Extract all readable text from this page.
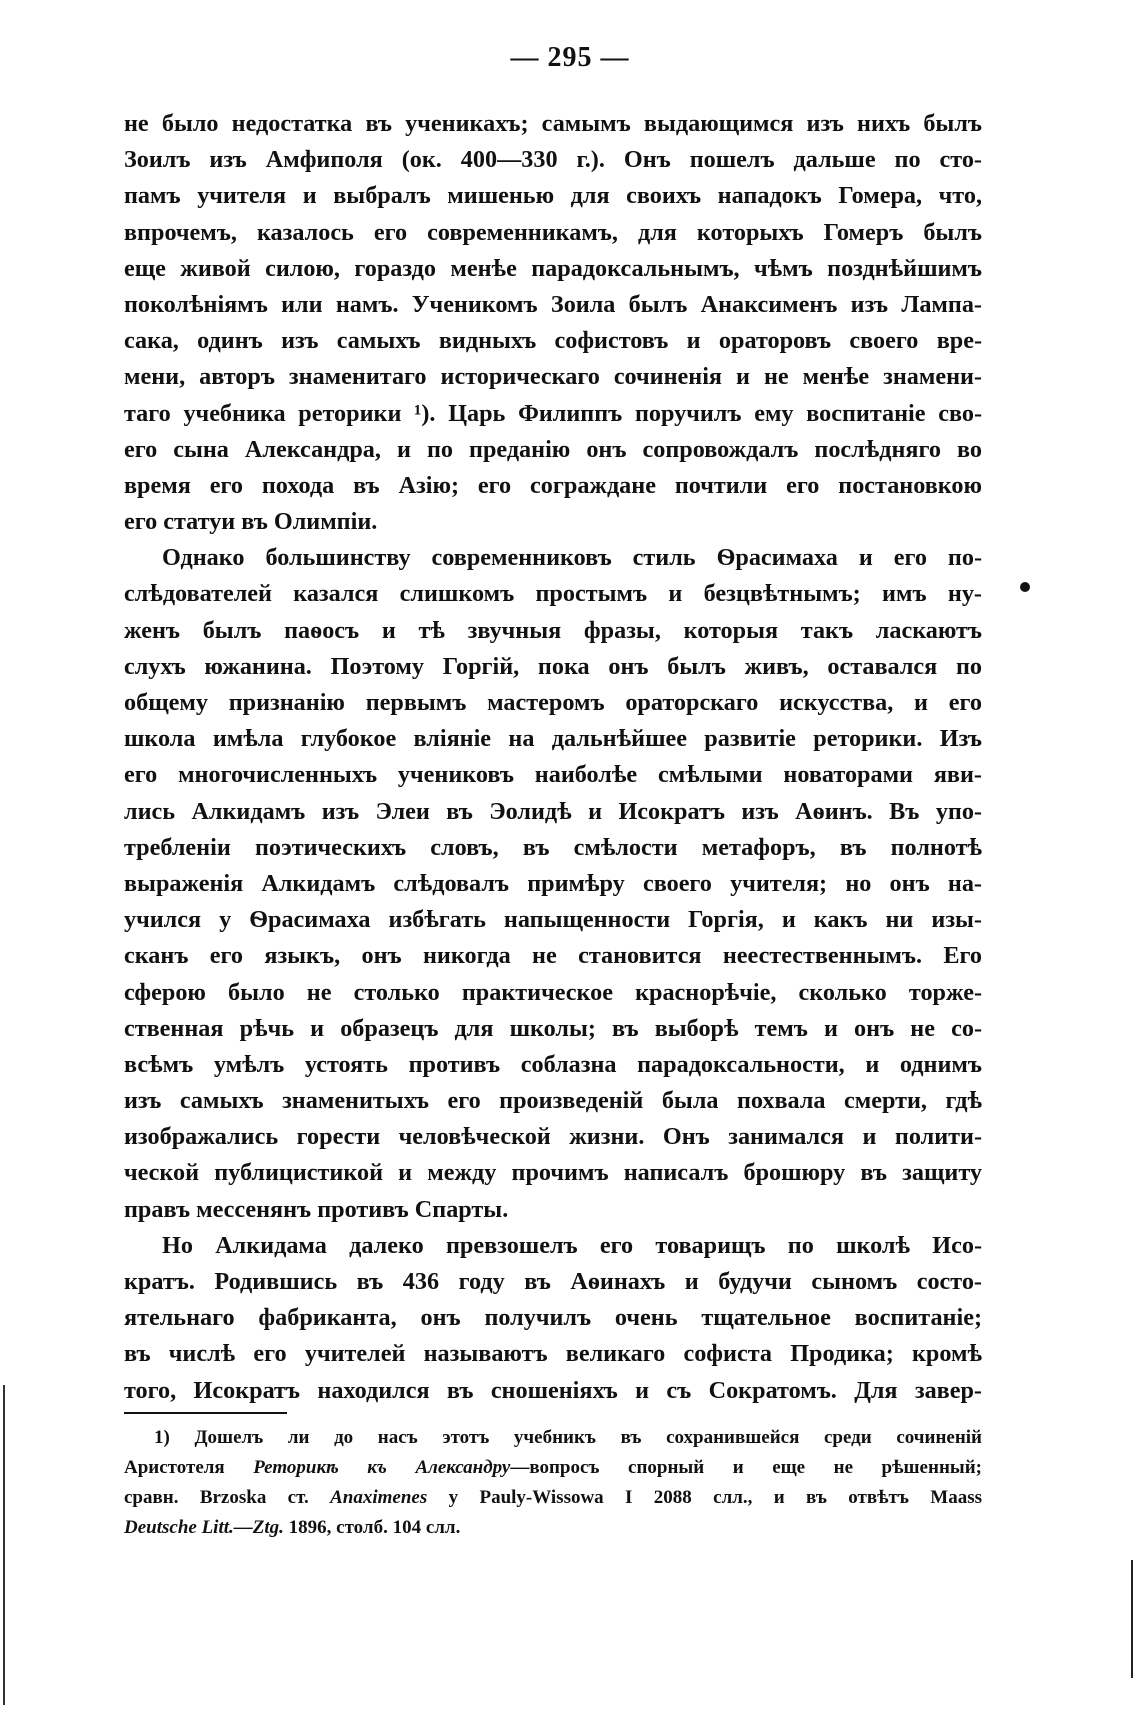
— 295 —
не было недостатка въ ученикахъ; самымъ выдающимся изъ нихъ былъ
Зоилъ изъ Амфиполя (ок. 400—330 г.). Онъ пошелъ дальше по сто-
памъ учителя и выбралъ мишенью для своихъ нападокъ Гомера, что,
впрочемъ, казалось его современникамъ, для которыхъ Гомеръ былъ
еще живой силою, гораздо менѣе парадоксальнымъ, чѣмъ позднѣйшимъ
поколѣніямъ или намъ. Ученикомъ Зоила былъ Анаксименъ изъ Лампа-
сака, одинъ изъ самыхъ видныхъ софистовъ и ораторовъ своего вре-
мени, авторъ знаменитаго историческаго сочиненія и не менѣе знамени-
таго учебника реторики ¹). Царь Филиппъ поручилъ ему воспитаніе сво-
его сына Александра, и по преданію онъ сопровождалъ послѣдняго во
время его похода въ Азію; его сограждане почтили его постановкою
его статуи въ Олимпіи.
Однако большинству современниковъ стиль Ѳрасимаха и его по-
слѣдователей казался слишкомъ простымъ и безцвѣтнымъ; имъ ну-
женъ былъ паѳосъ и тѣ звучныя фразы, которыя такъ ласкаютъ
слухъ южанина. Поэтому Горгій, пока онъ былъ живъ, оставался по
общему признанію первымъ мастеромъ ораторскаго искусства, и его
школа имѣла глубокое вліяніе на дальнѣйшее развитіе реторики. Изъ
его многочисленныхъ учениковъ наиболѣе смѣлыми новаторами яви-
лись Алкидамъ изъ Элеи въ Эолидѣ и Исократъ изъ Аѳинъ. Въ упо-
требленіи поэтическихъ словъ, въ смѣлости метафоръ, въ полнотѣ
выраженія Алкидамъ слѣдовалъ примѣру своего учителя; но онъ на-
учился у Ѳрасимаха избѣгать напыщенности Горгія, и какъ ни изы-
сканъ его языкъ, онъ никогда не становится неестественнымъ. Его
сферою было не столько практическое краснорѣчіе, сколько торже-
ственная рѣчь и образецъ для школы; въ выборѣ темъ и онъ не со-
всѣмъ умѣлъ устоять противъ соблазна парадоксальности, и однимъ
изъ самыхъ знаменитыхъ его произведеній была похвала смерти, гдѣ
изображались горести человѣческой жизни. Онъ занимался и полити-
ческой публицистикой и между прочимъ написалъ брошюру въ защиту
правъ мессенянъ противъ Спарты.
Но Алкидама далеко превзошелъ его товарищъ по школѣ Исо-
кратъ. Родившись въ 436 году въ Аѳинахъ и будучи сыномъ состо-
ятельнаго фабриканта, онъ получилъ очень тщательное воспитаніе;
въ числѣ его учителей называютъ великаго софиста Продика; кромѣ
того, Исократъ находился въ сношеніяхъ и съ Сократомъ. Для завер-
1) Дошелъ ли до насъ этотъ учебникъ въ сохранившейся среди сочиненій
Аристотеля Реторикѣ къ Александру—вопросъ спорный и еще не рѣшенный;
сравн. Brzoska ст. Anaximenes у Pauly-Wissowa I 2088 слл., и въ отвѣтъ Maass
Deutsche Litt.—Ztg. 1896, столб. 104 слл.
